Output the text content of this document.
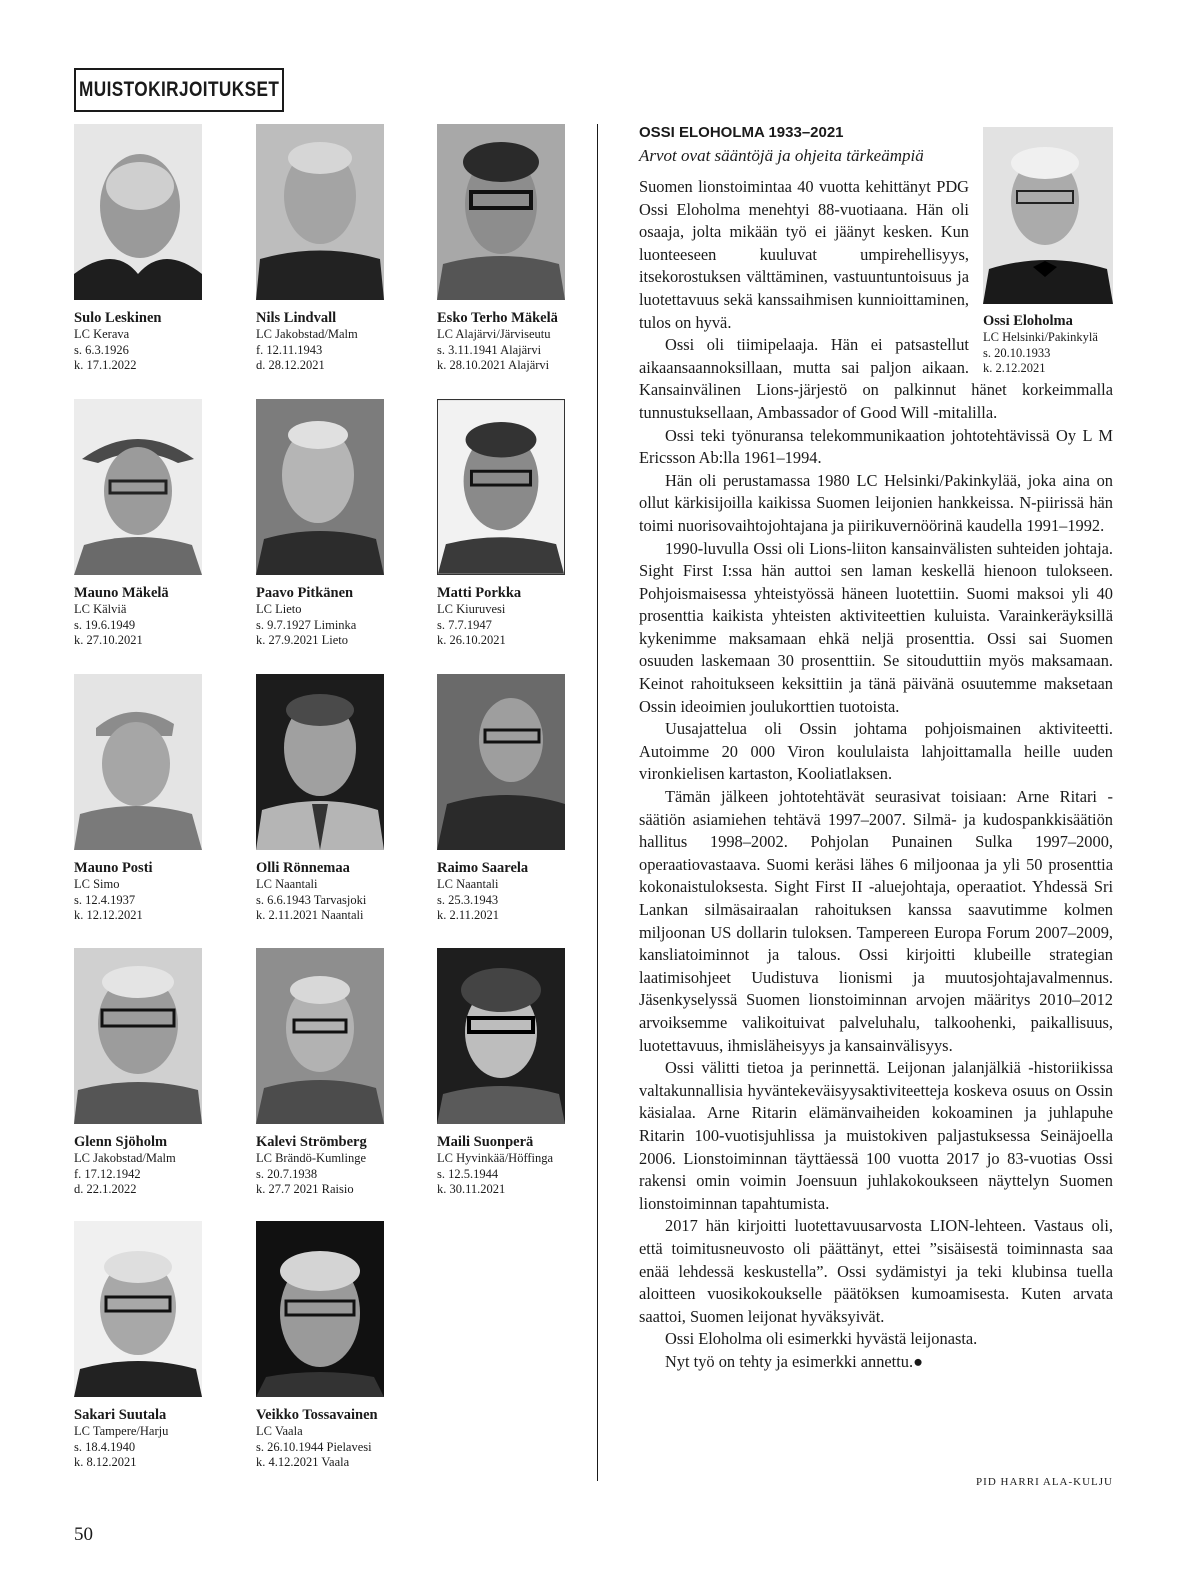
MUISTOKIRJOITUKSET
Sulo Leskinen
LC Kerava
s. 6.3.1926
k. 17.1.2022
Nils Lindvall
LC Jakobstad/Malm
f. 12.11.1943
d. 28.12.2021
Esko Terho Mäkelä
LC Alajärvi/Järviseutu
s. 3.11.1941 Alajärvi
k. 28.10.2021 Alajärvi
Mauno Mäkelä
LC Kälviä
s. 19.6.1949
k. 27.10.2021
Paavo Pitkänen
LC Lieto
s. 9.7.1927 Liminka
k. 27.9.2021 Lieto
Matti Porkka
LC Kiuruvesi
s. 7.7.1947
k. 26.10.2021
Mauno Posti
LC Simo
s. 12.4.1937
k. 12.12.2021
Olli Rönnemaa
LC Naantali
s. 6.6.1943 Tarvasjoki
k. 2.11.2021 Naantali
Raimo Saarela
LC Naantali
s. 25.3.1943
k. 2.11.2021
Glenn Sjöholm
LC Jakobstad/Malm
f. 17.12.1942
d. 22.1.2022
Kalevi Strömberg
LC Brändö-Kumlinge
s. 20.7.1938
k. 27.7 2021 Raisio
Maili Suonperä
LC Hyvinkää/Höffinga
s. 12.5.1944
k. 30.11.2021
Sakari Suutala
LC Tampere/Harju
s. 18.4.1940
k. 8.12.2021
Veikko Tossavainen
LC Vaala
s. 26.10.1944 Pielavesi
k. 4.12.2021 Vaala
OSSI ELOHOLMA 1933–2021
Arvot ovat sääntöjä ja ohjeita tärkeämpiä
Ossi Eloholma
LC Helsinki/Pakinkylä
s. 20.10.1933
k. 2.12.2021

Suomen lionstoimintaa 40 vuotta kehittänyt PDG Ossi Eloholma menehtyi 88-vuotiaana. Hän oli osaaja, jolta mikään työ ei jäänyt kesken. Kun luonteeseen kuuluvat umpirehellisyys, itsekorostuksen välttäminen, vastuuntuntoisuus ja luotettavuus sekä kanssaihmisen kunnioittaminen, tulos on hyvä.

Ossi oli tiimipelaaja. Hän ei patsastellut aikaansaannoksillaan, mutta sai paljon aikaan. Kansainvälinen Lions-järjestö on palkinnut hänet korkeimmalla tunnustuksellaan, Ambassador of Good Will -mitalilla.

Ossi teki työnuransa telekommunikaation johtotehtävissä Oy L M Ericsson Ab:lla 1961–1994.

Hän oli perustamassa 1980 LC Helsinki/Pakinkylää, joka aina on ollut kärkisijoilla kaikissa Suomen leijonien hankkeissa. N-piirissä hän toimi nuorisovaihtojohtajana ja piirikuvernöörinä kaudella 1991–1992.

1990-luvulla Ossi oli Lions-liiton kansainvälisten suhteiden johtaja. Sight First I:ssa hän auttoi sen laman keskellä hienoon tulokseen. Pohjoismaisessa yhteistyössä häneen luotettiin. Suomi maksoi yli 40 prosenttia kaikista yhteisten aktiviteettien kuluista. Varainkeräyksillä kykenimme maksamaan ehkä neljä prosenttia. Ossi sai Suomen osuuden laskemaan 30 prosenttiin. Se sitouduttiin myös maksamaan. Keinot rahoitukseen keksittiin ja tänä päivänä osuutemme maksetaan Ossin ideoimien joulukorttien tuotoista.

Uusajattelua oli Ossin johtama pohjoismainen aktiviteetti. Autoimme 20 000 Viron koululaista lahjoittamalla heille uuden vironkielisen kartaston, Kooliatlaksen.

Tämän jälkeen johtotehtävät seurasivat toisiaan: Arne Ritari -säätiön asiamiehen tehtävä 1997–2007. Silmä- ja kudospankkisäätiön hallitus 1998–2002. Pohjolan Punainen Sulka 1997–2000, operaatiovastaava. Suomi keräsi lähes 6 miljoonaa ja yli 50 prosenttia kokonaistuloksesta. Sight First II -aluejohtaja, operaatiot. Yhdessä Sri Lankan silmäsairaalan rahoituksen kanssa saavutimme kolmen miljoonan US dollarin tuloksen. Tampereen Europa Forum 2007–2009, kansliatoiminnot ja talous. Ossi kirjoitti klubeille strategian laatimisohjeet Uudistuva lionismi ja muutosjohtajavalmennus. Jäsenkyselyssä Suomen lionstoiminnan arvojen määritys 2010–2012 arvoiksemme valikoituivat palveluhalu, talkoohenki, paikallisuus, luotettavuus, ihmisläheisyys ja kansainvälisyys.

Ossi välitti tietoa ja perinnettä. Leijonan jalanjälkiä -historiikissa valtakunnallisia hyväntekeväisyysaktiviteetteja koskeva osuus on Ossin käsialaa. Arne Ritarin elämänvaiheiden kokoaminen ja juhlapuhe Ritarin 100-vuotisjuhlissa ja muistokiven paljastuksessa Seinäjoella 2006. Lionstoiminnan täyttäessä 100 vuotta 2017 jo 83-vuotias Ossi rakensi omin voimin Joensuun juhlakokoukseen näyttelyn Suomen lionstoiminnan tapahtumista.

2017 hän kirjoitti luotettavuusarvosta LION-lehteen. Vastaus oli, että toimitusneuvosto oli päättänyt, ettei ”sisäisestä toiminnasta saa enää lehdessä keskustella”. Ossi sydämistyi ja teki klubinsa tuella aloitteen vuosikokoukselle päätöksen kumoamisesta. Kuten arvata saattoi, Suomen leijonat hyväksyivät.

Ossi Eloholma oli esimerkki hyvästä leijonasta.

Nyt työ on tehty ja esimerkki annettu.●

PID HARRI ALA-KULJU
50
